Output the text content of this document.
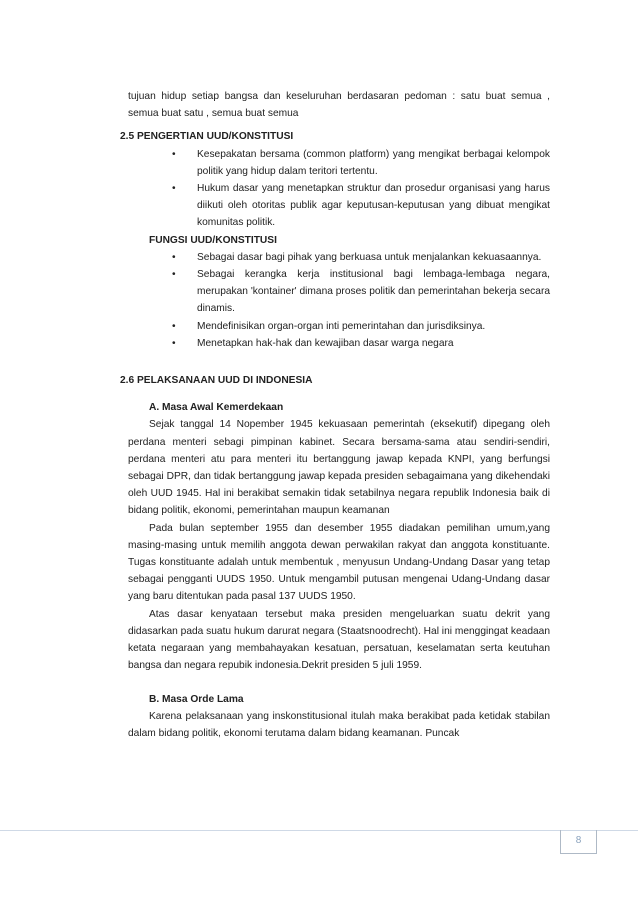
tujuan hidup setiap bangsa dan keseluruhan berdasaran pedoman : satu buat semua , semua buat satu , semua buat semua

2.5 PENGERTIAN UUD/KONSTITUSI

• Kesepakatan bersama (common platform) yang mengikat berbagai kelompok politik yang hidup dalam teritori tertentu.
• Hukum dasar yang menetapkan struktur dan prosedur organisasi yang harus diikuti oleh otoritas publik agar keputusan-keputusan yang dibuat mengikat komunitas politik.

FUNGSI UUD/KONSTITUSI

• Sebagai dasar bagi pihak yang berkuasa untuk menjalankan kekuasaannya.
• Sebagai kerangka kerja institusional bagi lembaga-lembaga negara, merupakan 'kontainer' dimana proses politik dan pemerintahan bekerja secara dinamis.
• Mendefinisikan organ-organ inti pemerintahan dan jurisdiksinya.
• Menetapkan hak-hak dan kewajiban dasar warga negara

2.6 PELAKSANAAN UUD DI INDONESIA

A. Masa Awal Kemerdekaan

Sejak tanggal 14 Nopember 1945 kekuasaan pemerintah (eksekutif) dipegang oleh perdana menteri sebagi pimpinan kabinet. Secara bersama-sama atau sendiri-sendiri, perdana menteri atu para menteri itu bertanggung jawap kepada KNPI, yang berfungsi sebagai DPR, dan tidak bertanggung jawap kepada presiden sebagaimana yang dikehendaki oleh UUD 1945. Hal ini berakibat semakin tidak setabilnya negara republik Indonesia baik di bidang politik, ekonomi, pemerintahan maupun keamanan

Pada bulan september 1955 dan desember 1955 diadakan pemilihan umum,yang masing-masing untuk memilih anggota dewan perwakilan rakyat dan anggota konstituante. Tugas konstituante adalah untuk membentuk , menyusun Undang-Undang Dasar yang tetap sebagai pengganti UUDS 1950. Untuk mengambil putusan mengenai Udang-Undang dasar yang baru ditentukan pada pasal 137 UUDS 1950.

Atas dasar kenyataan tersebut maka presiden mengeluarkan suatu dekrit yang didasarkan pada suatu hukum darurat negara (Staatsnoodrecht). Hal ini menggingat keadaan ketata negaraan yang membahayakan kesatuan, persatuan, keselamatan serta keutuhan bangsa dan negara repubik indonesia.Dekrit presiden 5 juli 1959.

B. Masa Orde Lama

Karena pelaksanaan yang inskonstitusional itulah maka berakibat pada ketidak stabilan dalam bidang politik, ekonomi terutama dalam bidang keamanan. Puncak

8
